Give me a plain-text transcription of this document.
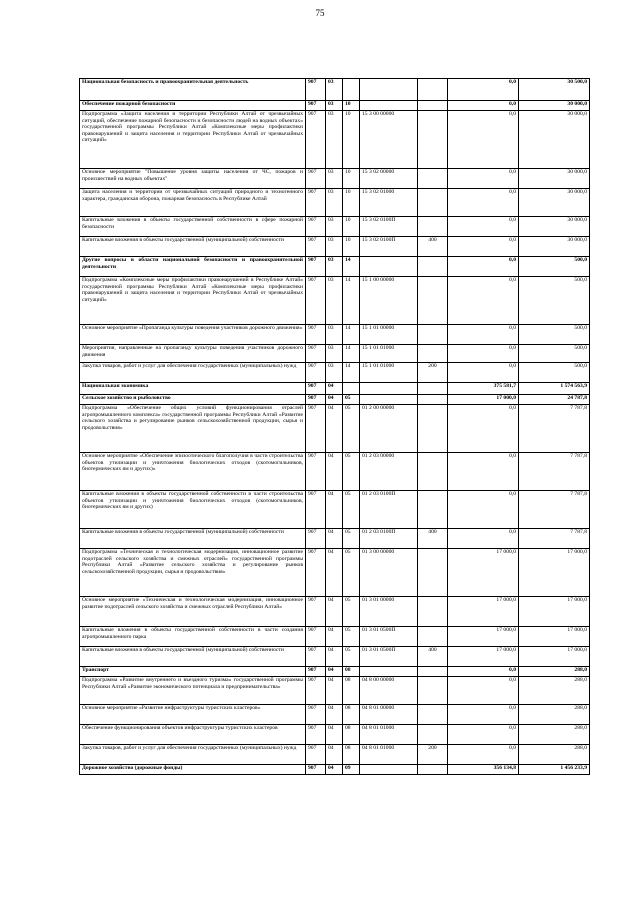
75
Национальная безопасность и правоохранительная деятельность	907	03				0,0	30 500,0
Обеспечение пожарной безопасности	907	03	10			0,0	30 000,0
Подпрограмма «Защита населения и территории Республики Алтай от чрезвычайных ситуаций, обеспечение пожарной безопасности и безопасности людей на водных объектах» государственной программы Республики Алтай «Комплексные меры профилактики правонарушений и защита населения и территории Республики Алтай от чрезвычайных ситуаций»	907	03	10	15 3 00 00000		0,0	30 000,0
Основное мероприятие "Повышение уровня защиты населения от ЧС, пожаров и происшествий на водных объектах"	907	03	10	15 3 02 00000		0,0	30 000,0
Защита населения и территории от чрезвычайных ситуаций природного и техногенного характера, гражданская оборона, пожарная безопасность в Республике Алтай	907	03	10	15 3 02 01000		0,0	30 000,0
Капитальные вложения в объекты государственной собственности в сфере пожарной безопасности	907	03	10	15 3 02 0100П		0,0	30 000,0
Капитальные вложения в объекты государственной (муниципальной) собственности	907	03	10	15 3 02 0100П	400	0,0	30 000,0
Другие вопросы в области национальной безопасности и правоохранительной деятельности	907	03	14			0,0	500,0
Подпрограмма «Комплексные меры профилактики правонарушений в Республике Алтай» государственной программы Республики Алтай «Комплексные меры профилактики правонарушений и защита населения и территории Республики Алтай от чрезвычайных ситуаций»	907	03	14	15 1 00 00000		0,0	500,0
Основное мероприятие «Пропаганда культуры поведения участников дорожного движения»	907	03	14	15 1 01 00000		0,0	500,0
Мероприятия, направленные на пропаганду культуры поведения участников дорожного движения	907	03	14	15 1 01 01000		0,0	500,0
Закупка товаров, работ и услуг для обеспечения государственных (муниципальных) нужд	907	03	14	15 1 01 01000	200	0,0	500,0
Национальная экономика	907	04				375 581,7	1 574 563,9
Сельское хозяйство и рыболовство	907	04	05			17 000,0	24 787,8
Подпрограмма «Обеспечение общих условий функционирования отраслей агропромышленного комплекса» государственной программы Республики Алтай «Развитие сельского хозяйства и регулирование рынков сельскохозяйственной продукции, сырья и продовольствия»	907	04	05	01 2 00 00000		0,0	7 787,8
Основное мероприятие «Обеспечение эпизоотического благополучия в части строительства объектов утилизации и уничтожения биологических отходов (скотомогильников, биотермических ям и других)»	907	04	05	01 2 03 00000		0,0	7 787,8
Капитальные вложения в объекты государственной собственности в части строительства объектов утилизации и уничтожения биологических отходов (скотомогильников, биотермических ям и других)	907	04	05	01 2 03 0100П		0,0	7 787,8
Капитальные вложения в объекты государственной (муниципальной) собственности	907	04	05	01 2 03 0100П	400	0,0	7 787,8
Подпрограмма «Техническая и технологическая модернизация, инновационное развитие подотраслей сельского хозяйства и смежных отраслей» государственной программы Республики Алтай «Развитие сельского хозяйства и регулирование рынков сельскохозяйственной продукции, сырья и продовольствия»	907	04	05	01 3 00 00000		17 000,0	17 000,0
Основное мероприятие «Техническая и технологическая модернизация, инновационное развитие подотраслей сельского хозяйства и смежных отраслей Республики Алтай»	907	04	05	01 3 01 00000		17 000,0	17 000,0
Капитальные вложения в объекты государственной собственности в части создания агропромышленного парка	907	04	05	01 3 01 0500П		17 000,0	17 000,0
Капитальные вложения в объекты государственной (муниципальной) собственности	907	04	05	01 3 01 0500П	400	17 000,0	17 000,0
Транспорт	907	04	08			0,0	288,0
Подпрограмма «Развитие внутреннего и въездного туризма» государственной программы Республики Алтай «Развитие экономического потенциала и предпринимательства»	907	04	08	04 8 00 00000		0,0	288,0
Основное мероприятие «Развитие инфраструктуры туристских кластеров»	907	04	08	04 8 01 00000		0,0	288,0
Обеспечение функционирования объектов инфраструктуры туристских кластеров	907	04	08	04 8 01 01000		0,0	288,0
Закупка товаров, работ и услуг для обеспечения государственных (муниципальных) нужд	907	04	08	04 8 01 01000	200	0,0	288,0
Дорожное хозяйство (дорожные фонды)	907	04	09			356 134,8	1 456 233,9
